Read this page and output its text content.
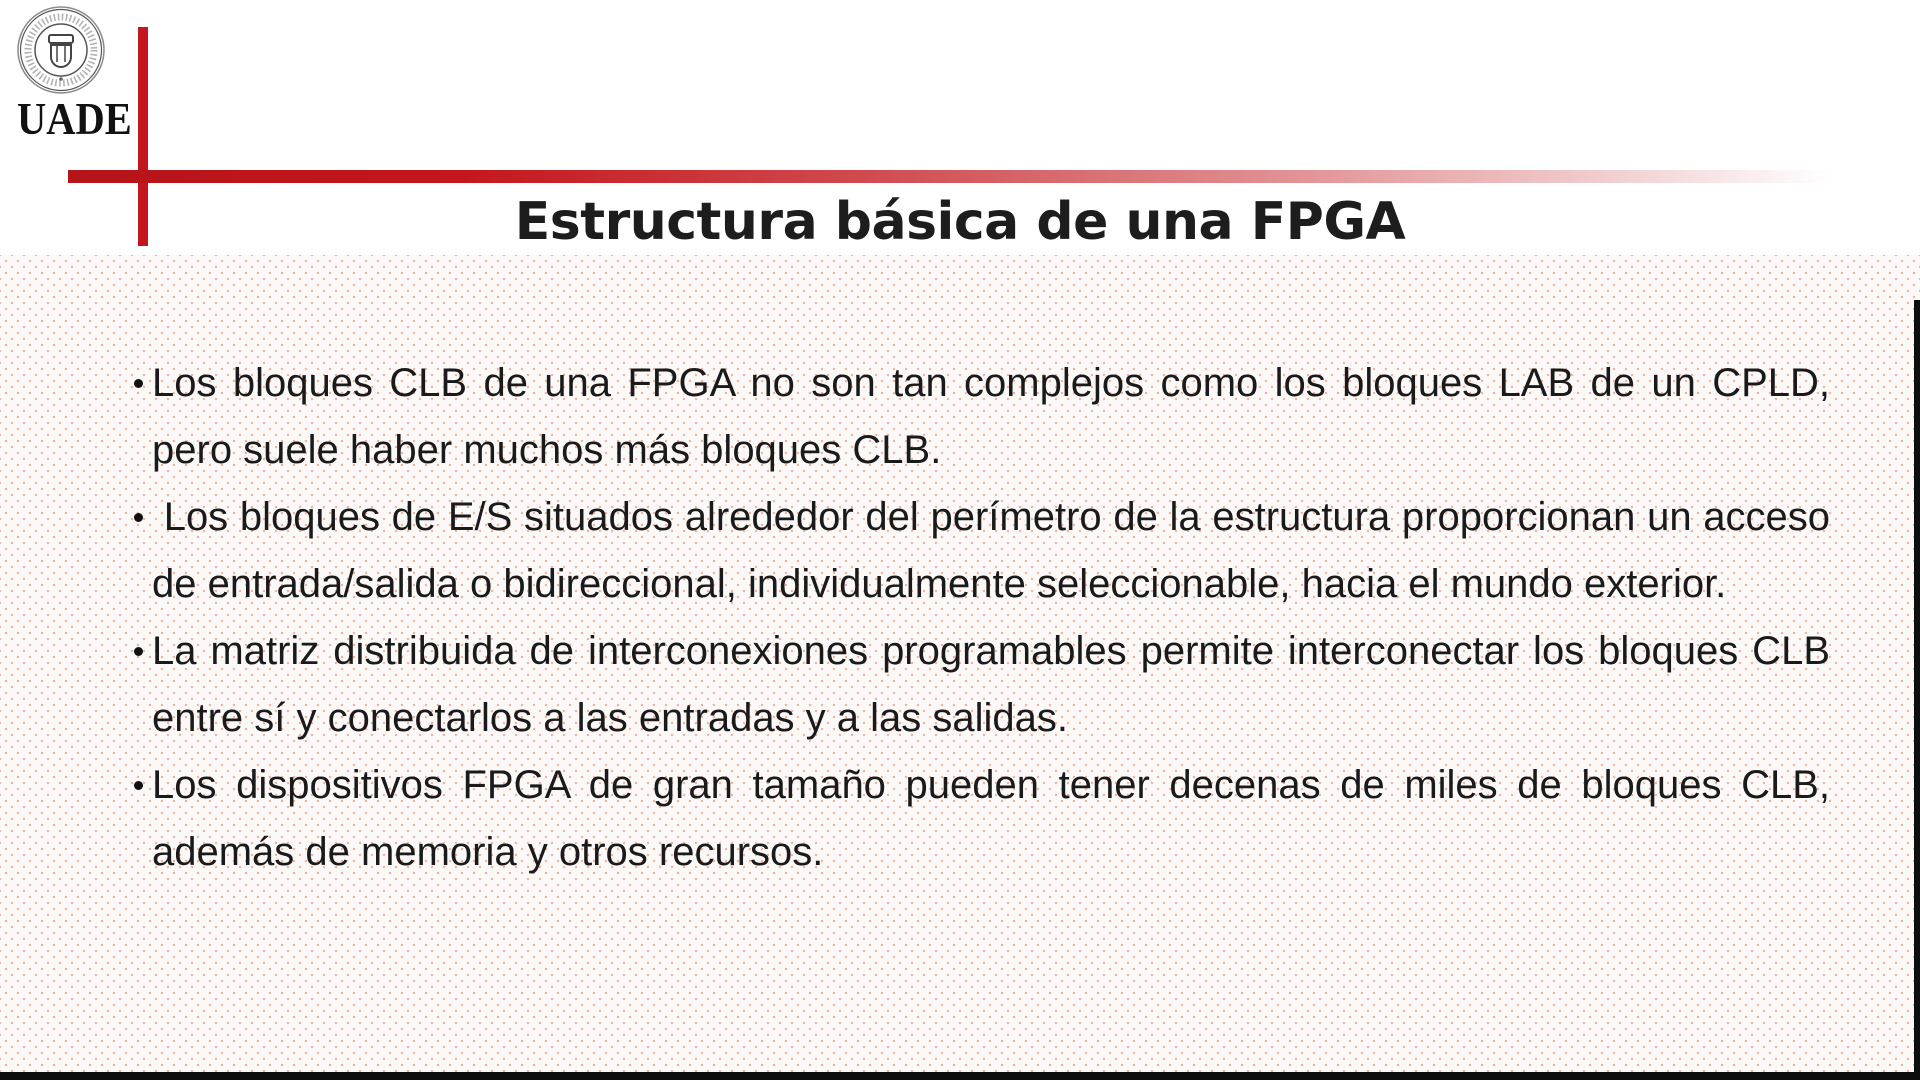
UADE
Estructura básica de una FPGA
Los bloques CLB de una FPGA no son tan complejos como los bloques LAB de un CPLD, pero suele haber muchos más bloques CLB.
Los bloques de E/S situados alrededor del perímetro de la estructura proporcionan un acceso de entrada/salida o bidireccional, individualmente seleccionable, hacia el mundo exterior.
La matriz distribuida de interconexiones programables permite interconectar los bloques CLB entre sí y conectarlos a las entradas y a las salidas.
Los dispositivos FPGA de gran tamaño pueden tener decenas de miles de bloques CLB, además de memoria y otros recursos.
